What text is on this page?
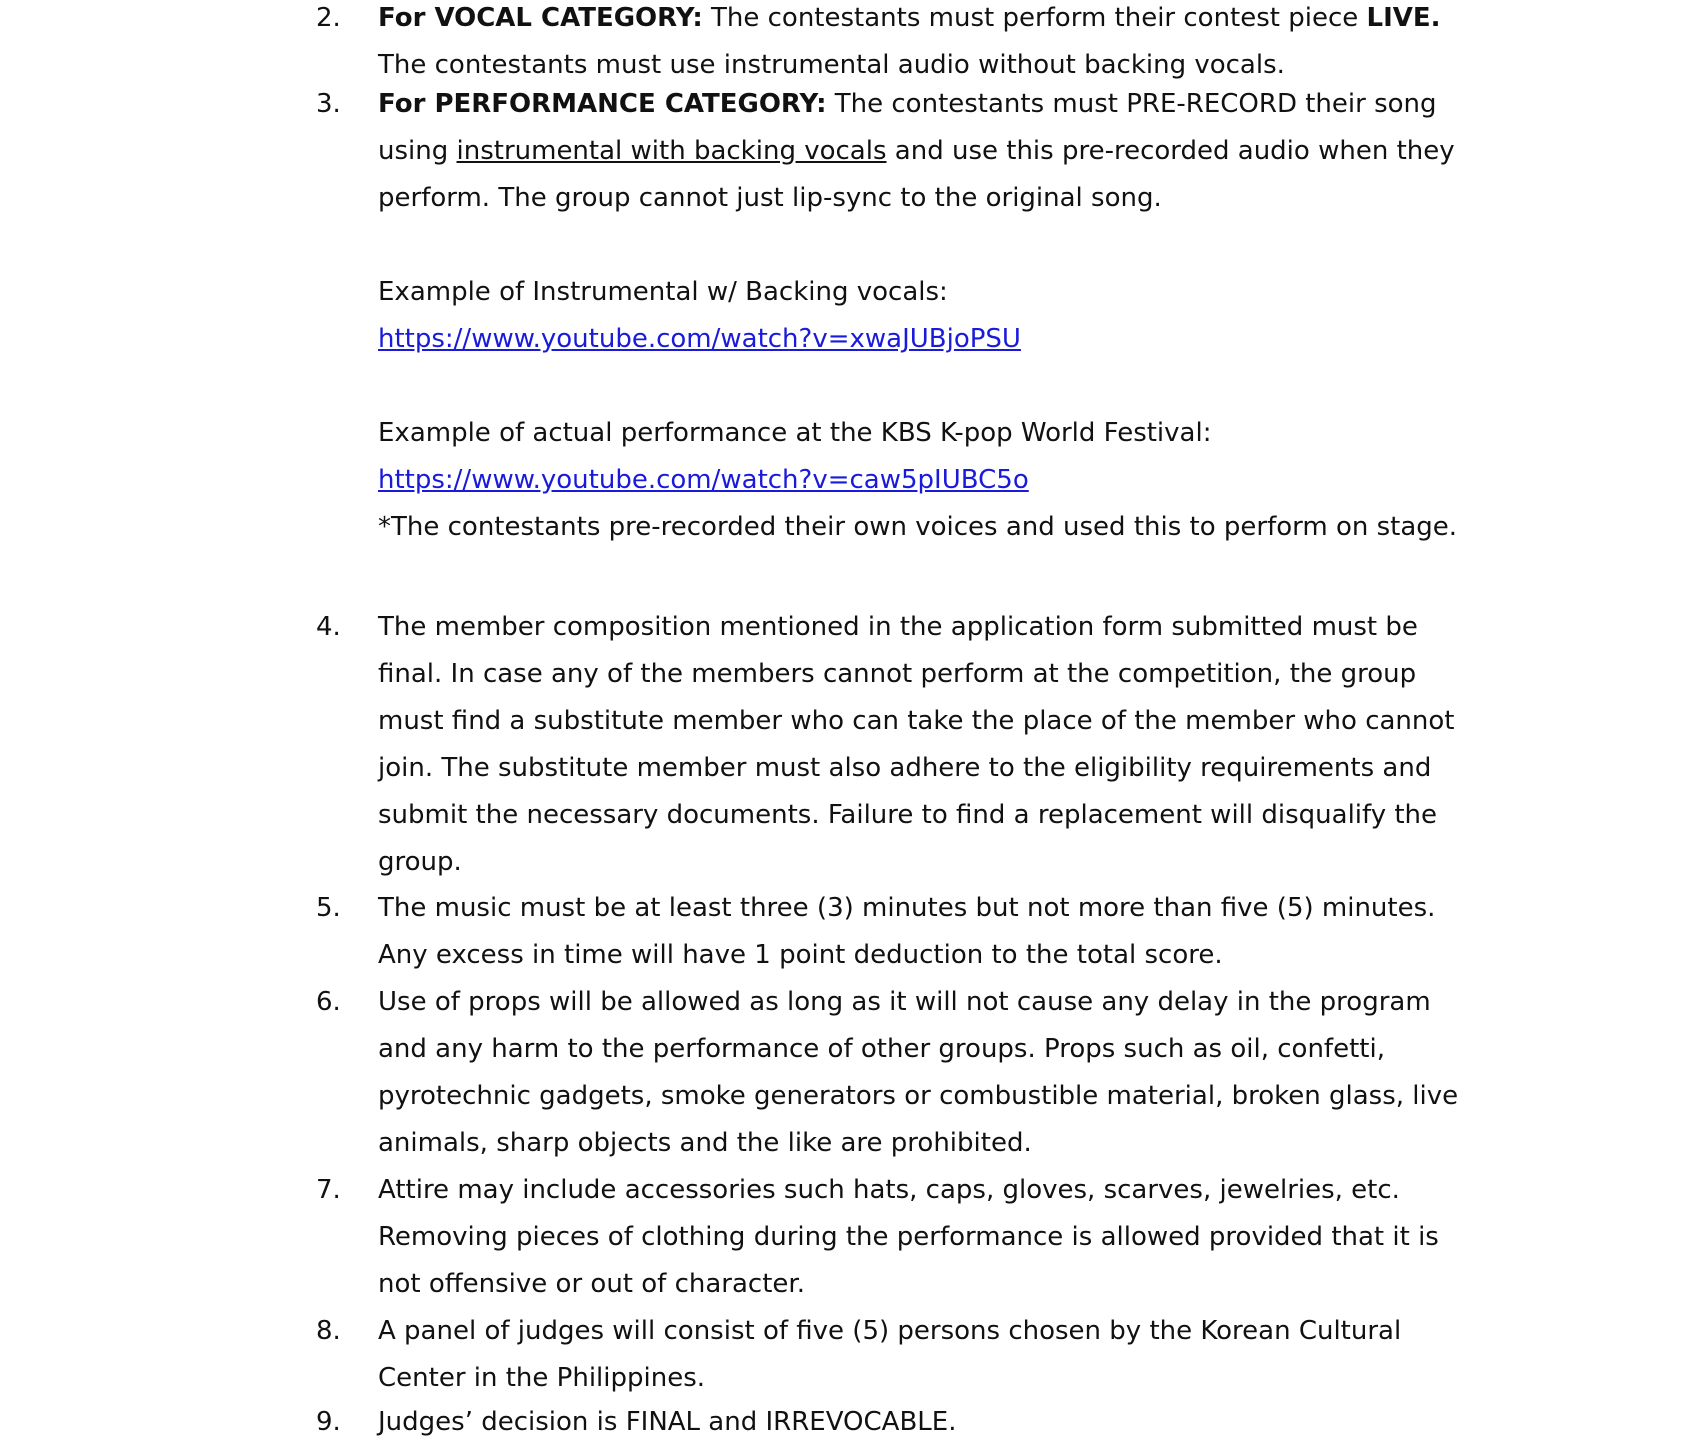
2.	For VOCAL CATEGORY: The contestants must perform their contest piece LIVE.
The contestants must use instrumental audio without backing vocals.
3.	For PERFORMANCE CATEGORY: The contestants must PRE-RECORD their song
using instrumental with backing vocals and use this pre-recorded audio when they
perform. The group cannot just lip-sync to the original song.
Example of Instrumental w/ Backing vocals:
https://www.youtube.com/watch?v=xwaJUBjoPSU
Example of actual performance at the KBS K-pop World Festival:
https://www.youtube.com/watch?v=caw5pIUBC5o
*The contestants pre-recorded their own voices and used this to perform on stage.
4.	The member composition mentioned in the application form submitted must be
final. In case any of the members cannot perform at the competition, the group
must find a substitute member who can take the place of the member who cannot
join. The substitute member must also adhere to the eligibility requirements and
submit the necessary documents. Failure to find a replacement will disqualify the
group.
5.	The music must be at least three (3) minutes but not more than five (5) minutes.
Any excess in time will have 1 point deduction to the total score.
6.	Use of props will be allowed as long as it will not cause any delay in the program
and any harm to the performance of other groups. Props such as oil, confetti,
pyrotechnic gadgets, smoke generators or combustible material, broken glass, live
animals, sharp objects and the like are prohibited.
7.	Attire may include accessories such hats, caps, gloves, scarves, jewelries, etc.
Removing pieces of clothing during the performance is allowed provided that it is
not offensive or out of character.
8.	A panel of judges will consist of five (5) persons chosen by the Korean Cultural
Center in the Philippines.
9.	Judges’ decision is FINAL and IRREVOCABLE.
